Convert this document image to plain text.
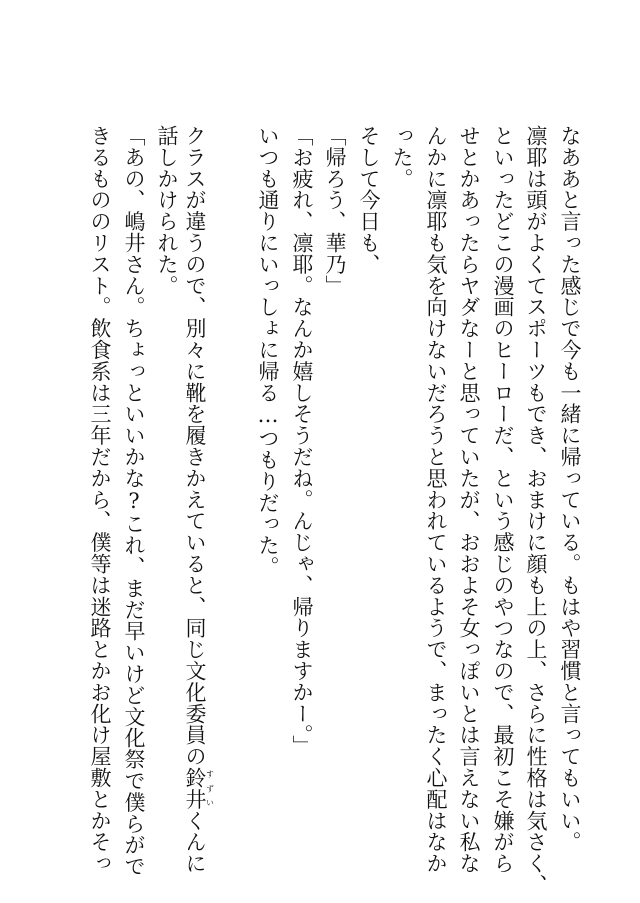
なああと言った感じで今も一緒に帰っている。もはや習慣と言ってもいい。
凛耶は頭がよくてスポーツもでき、おまけに顔も上の上、さらに性格は気さく、
といったどこの漫画のヒーローだ、という感じのやつなので、最初こそ嫌がら
せとかあったらヤダなーと思っていたが、おおよそ女っぽいとは言えない私な
んかに凛耶も気を向けないだろうと思われているようで、まったく心配はなか
った。
そして今日も、
「帰ろう、華乃」
「お疲れ、凛耶。なんか嬉しそうだね。んじゃ、帰りますかー。」
いつも通りにいっしょに帰る…つもりだった。
クラスが違うので、別々に靴を履きかえていると、同じ文化委員の鈴井すずいくんに
話しかけられた。
「あの、嶋井さん。ちょっといいかな?これ、まだ早いけど文化祭で僕らがで
きるもののリスト。飲食系は三年だから、僕等は迷路とかお化け屋敷とかそっ
